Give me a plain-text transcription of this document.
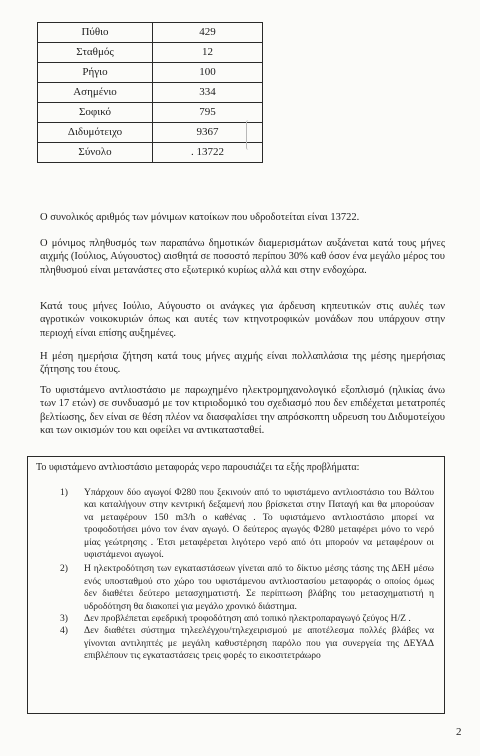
Πύθιο	429
Σταθμός	12
Ρήγιο	100
Ασημένιο	334
Σοφικό	795
Διδυμότειχο	9367
Σύνολο	. 13722

Ο συνολικός αριθμός των μόνιμων κατοίκων που υδροδοτείται είναι 13722.

Ο μόνιμος πληθυσμός των παραπάνω δημοτικών διαμερισμάτων αυξάνεται κατά τους μήνες αιχμής (Ιούλιος, Αύγουστος) αισθητά σε ποσοστό περίπου 30% καθ όσον ένα μεγάλο μέρος του πληθυσμού είναι μετανάστες στο εξωτερικό κυρίως αλλά και στην ενδοχώρα.

Κατά τους μήνες Ιούλιο, Αύγουστο οι ανάγκες για άρδευση κηπευτικών στις αυλές των αγροτικών νοικοκυριών όπως και αυτές των κτηνοτροφικών μονάδων που υπάρχουν στην περιοχή είναι επίσης αυξημένες.

Η μέση ημερήσια ζήτηση κατά τους μήνες αιχμής είναι πολλαπλάσια της μέσης ημερήσιας ζήτησης του έτους.

Το υφιστάμενο αντλιοστάσιο με παρωχημένο ηλεκτρομηχανολογικό εξοπλισμό (ηλικίας άνω των 17 ετών) σε συνδυασμό με τον κτιριοδομικό του σχεδιασμό που δεν επιδέχεται μετατροπές βελτίωσης, δεν είναι σε θέση πλέον να διασφαλίσει την απρόσκοπτη υδρευση του Διδυμοτείχου και των οικισμών του και οφείλει να αντικατασταθεί.

Το υφιστάμενο αντλιοστάσιο μεταφοράς νερο παρουσιάζει τα εξής προβλήματα:

1)	Υπάρχουν δύο αγωγοί Φ280 που ξεκινούν από το υφιστάμενο αντλιοστάσιο του Βάλτου και καταλήγουν στην κεντρική δεξαμενή που βρίσκεται στην Παταγή και θα μπορούσαν να μεταφέρουν 150 m3/h ο καθένας . Το υφιστάμενο αντλιοστάσιο μπορεί να τροφοδοτήσει μόνο τον έναν αγωγό. Ο δεύτερος αγωγός Φ280 μεταφέρει μόνο το νερό μίας γεώτρησης . Έτσι μεταφέρεται λιγότερο νερό από ότι μπορούν να μεταφέρουν οι υφιστάμενοι αγωγοί.
2)	Η ηλεκτροδότηση των εγκαταστάσεων γίνεται από το δίκτυο μέσης τάσης της ΔΕΗ μέσω ενός υποσταθμού στο χώρο του υφιστάμενου αντλιοστασίου μεταφοράς ο οποίος όμως δεν διαθέτει δεύτερο μετασχηματιστή. Σε περίπτωση βλάβης του μετασχηματιστή η υδροδότηση θα διακοπεί για μεγάλο χρονικό διάστημα.
3)	Δεν προβλέπεται εφεδρική τροφοδότηση από τοπικό ηλεκτροπαραγωγό ζεύγος Η/Ζ .
4)	Δεν διαθέτει σύστημα τηλεελέγχου/τηλεχειρισμού με αποτέλεσμα πολλές βλάβες να γίνονται αντιληπτές με μεγάλη καθυστέρηση παρόλο που για συνεργεία της ΔΕΥΑΔ επιβλέπουν τις εγκαταστάσεις τρεις φορές το εικοσιτετράωρο
2
